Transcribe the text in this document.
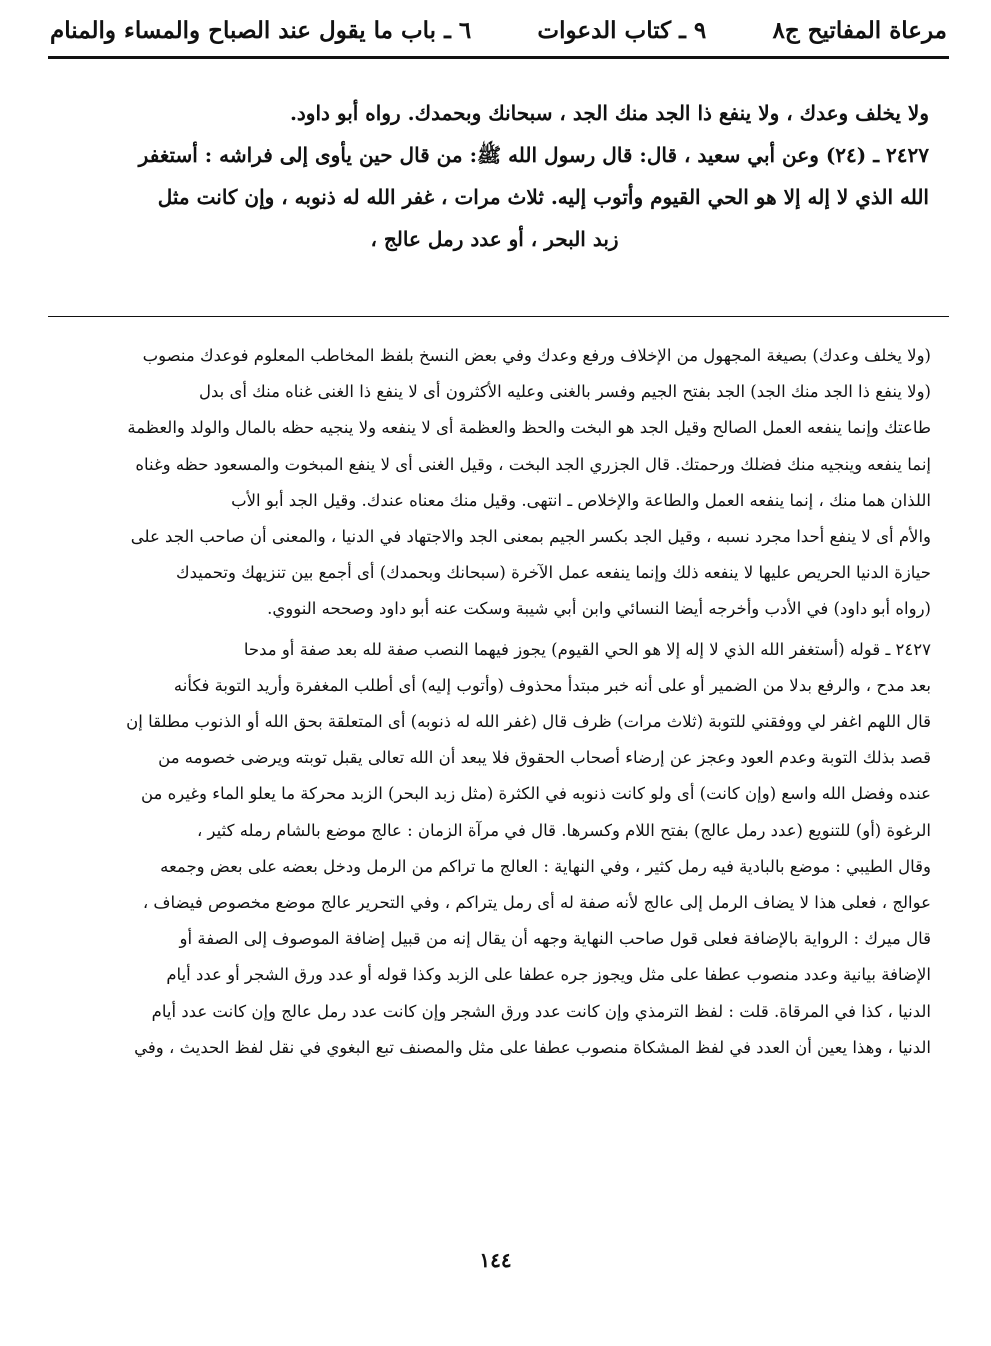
مرعاة المفاتيح ج٨
٩ ـ كتاب الدعوات
٦ ـ باب ما يقول عند الصباح والمساء والمنام

ولا يخلف وعدك ، ولا ينفع ذا الجد منك الجد ، سبحانك وبحمدك. رواه أبو داود.

٢٤٢٧ ـ (٢٤) وعن أبي سعيد ، قال: قال رسول الله ﷺ: من قال حين يأوى إلى فراشه : أستغفر

الله الذي لا إله إلا هو الحي القيوم وأتوب إليه. ثلاث مرات ، غفر الله له ذنوبه ، وإن كانت مثل

زبد البحر ، أو عدد رمل عالج ،

(ولا يخلف وعدك) بصيغة المجهول من الإخلاف ورفع وعدك وفي بعض النسخ بلفظ المخاطب المعلوم فوعدك منصوب

(ولا ينفع ذا الجد منك الجد) الجد بفتح الجيم وفسر بالغنى وعليه الأكثرون أى لا ينفع ذا الغنى غناه منك أى بدل

طاعتك وإنما ينفعه العمل الصالح وقيل الجد هو البخت والحظ والعظمة أى لا ينفعه ولا ينجيه حظه بالمال والولد والعظمة

إنما ينفعه وينجيه منك فضلك ورحمتك. قال الجزري الجد البخت ، وقيل الغنى أى لا ينفع المبخوت والمسعود حظه وغناه

اللذان هما منك ، إنما ينفعه العمل والطاعة والإخلاص ـ انتهى. وقيل منك معناه عندك. وقيل الجد أبو الأب

والأم أى لا ينفع أحدا مجرد نسبه ، وقيل الجد بكسر الجيم بمعنى الجد والاجتهاد في الدنيا ، والمعنى أن صاحب الجد على

حيازة الدنيا الحريص عليها لا ينفعه ذلك وإنما ينفعه عمل الآخرة (سبحانك وبحمدك) أى أجمع بين تنزيهك وتحميدك

(رواه أبو داود) في الأدب وأخرجه أيضا النسائي وابن أبي شيبة وسكت عنه أبو داود وصححه النووي.

٢٤٢٧ ـ قوله (أستغفر الله الذي لا إله إلا هو الحي القيوم) يجوز فيهما النصب صفة لله بعد صفة أو مدحا

بعد مدح ، والرفع بدلا من الضمير أو على أنه خبر مبتدأ محذوف (وأتوب إليه) أى أطلب المغفرة وأريد التوبة فكأنه

قال اللهم اغفر لي ووفقني للتوبة (ثلاث مرات) ظرف قال (غفر الله له ذنوبه) أى المتعلقة بحق الله أو الذنوب مطلقا إن

قصد بذلك التوبة وعدم العود وعجز عن إرضاء أصحاب الحقوق فلا يبعد أن الله تعالى يقبل توبته ويرضى خصومه من

عنده وفضل الله واسع (وإن كانت) أى ولو كانت ذنوبه في الكثرة (مثل زبد البحر) الزبد محركة ما يعلو الماء وغيره من

الرغوة (أو) للتنويع (عدد رمل عالج) بفتح اللام وكسرها. قال في مرآة الزمان : عالج موضع بالشام رمله كثير ،

وقال الطيبي : موضع بالبادية فيه رمل كثير ، وفي النهاية : العالج ما تراكم من الرمل ودخل بعضه على بعض وجمعه

عوالج ، فعلى هذا لا يضاف الرمل إلى عالج لأنه صفة له أى رمل يتراكم ، وفي التحرير عالج موضع مخصوص فيضاف ،

قال ميرك : الرواية بالإضافة فعلى قول صاحب النهاية وجهه أن يقال إنه من قبيل إضافة الموصوف إلى الصفة أو

الإضافة بيانية وعدد منصوب عطفا على مثل ويجوز جره عطفا على الزبد وكذا قوله أو عدد ورق الشجر أو عدد أيام

الدنيا ، كذا في المرقاة. قلت : لفظ الترمذي وإن كانت عدد ورق الشجر وإن كانت عدد رمل عالج وإن كانت عدد أيام

الدنيا ، وهذا يعين أن العدد في لفظ المشكاة منصوب عطفا على مثل والمصنف تبع البغوي في نقل لفظ الحديث ، وفي

١٤٤
